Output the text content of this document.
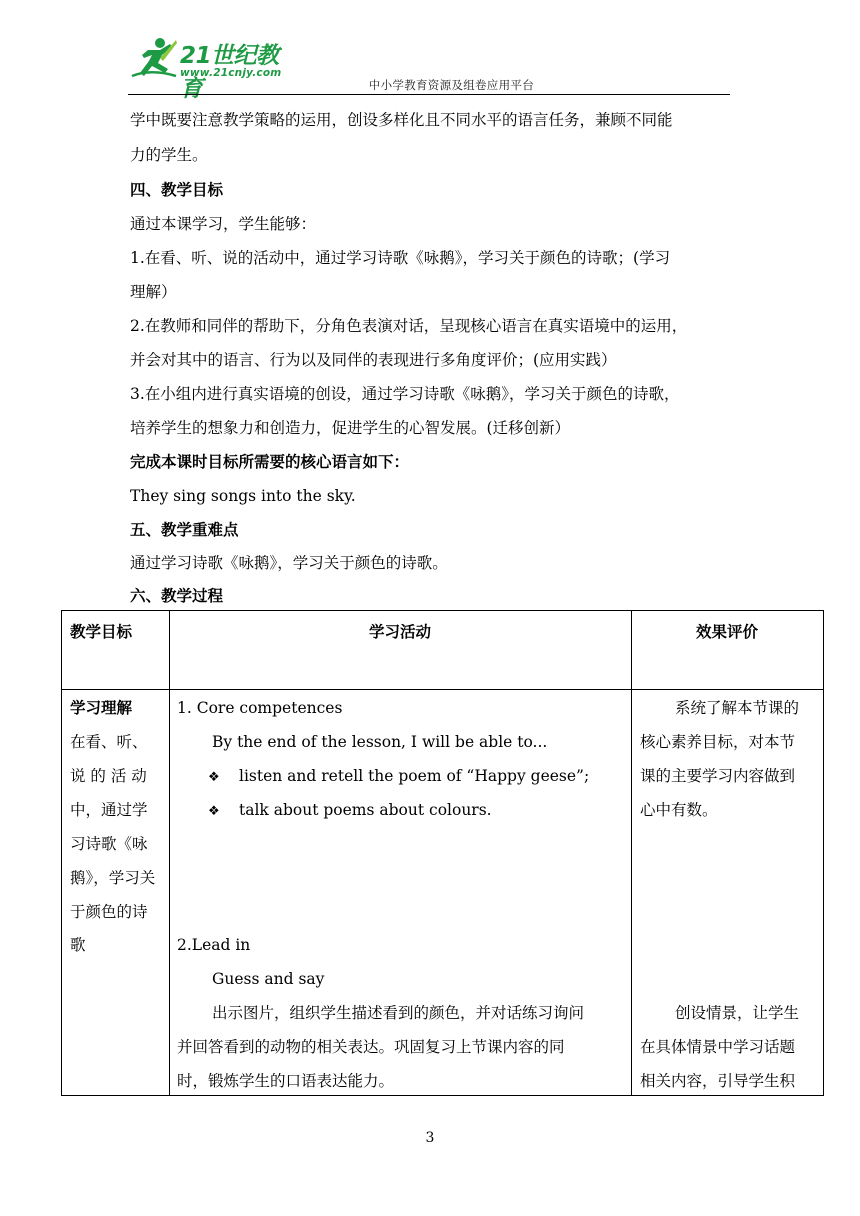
21世纪教育
www.21cnjy.com
中小学教育资源及组卷应用平台
学中既要注意教学策略的运用，创设多样化且不同水平的语言任务，兼顾不同能
力的学生。
四、教学目标
通过本课学习，学生能够：
1.在看、听、说的活动中，通过学习诗歌《咏鹅》，学习关于颜色的诗歌；(学习
理解）
2.在教师和同伴的帮助下，分角色表演对话，呈现核心语言在真实语境中的运用，
并会对其中的语言、行为以及同伴的表现进行多角度评价；(应用实践）
3.在小组内进行真实语境的创设，通过学习诗歌《咏鹅》，学习关于颜色的诗歌，
培养学生的想象力和创造力，促进学生的心智发展。(迁移创新）
完成本课时目标所需要的核心语言如下：
They sing songs into the sky.
五、教学重难点
通过学习诗歌《咏鹅》，学习关于颜色的诗歌。
六、教学过程
教学目标	学习活动	效果评价
学习理解
在看、听、
说 的 活 动
中，通过学
习诗歌《咏
鹅》，学习关
于颜色的诗
歌
1. Core competences
By the end of the lesson, I will be able to...
❖ listen and retell the poem of “Happy geese”;
❖ talk about poems about colours.
2.Lead in
Guess and say
出示图片，组织学生描述看到的颜色，并对话练习询问
并回答看到的动物的相关表达。巩固复习上节课内容的同
时，锻炼学生的口语表达能力。
系统了解本节课的
核心素养目标，对本节
课的主要学习内容做到
心中有数。
创设情景，让学生
在具体情景中学习话题
相关内容，引导学生积
3
